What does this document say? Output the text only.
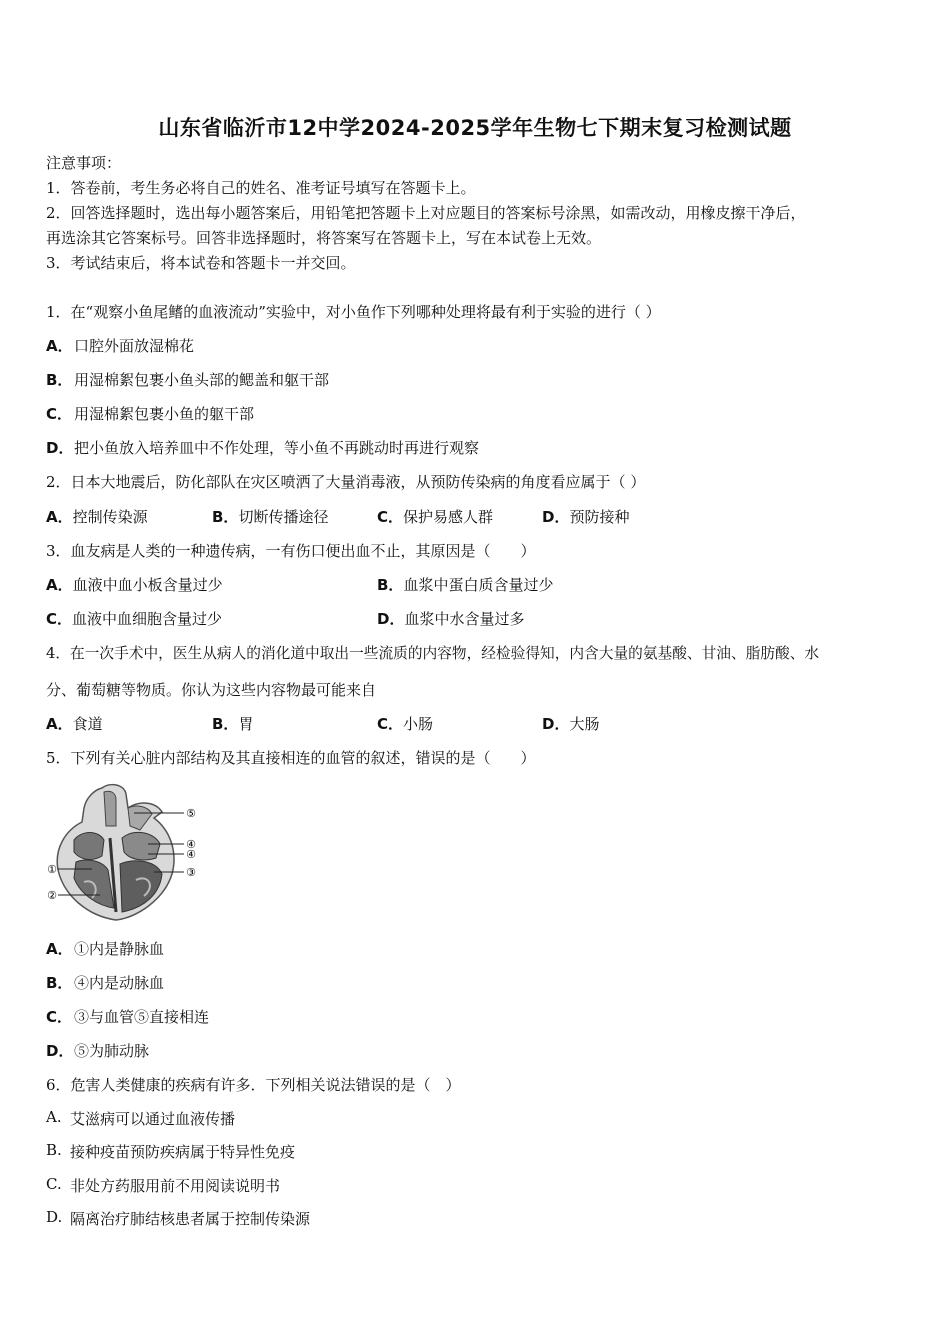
山东省临沂市12中学2024-2025学年生物七下期末复习检测试题
注意事项：
1．答卷前，考生务必将自己的姓名、准考证号填写在答题卡上。
2．回答选择题时，选出每小题答案后，用铅笔把答题卡上对应题目的答案标号涂黑，如需改动，用橡皮擦干净后，
再选涂其它答案标号。回答非选择题时，将答案写在答题卡上，写在本试卷上无效。
3．考试结束后，将本试卷和答题卡一并交回。
1．在“观察小鱼尾鳍的血液流动”实验中，对小鱼作下列哪种处理将最有利于实验的进行（ ）
A． 口腔外面放湿棉花
B． 用湿棉絮包裹小鱼头部的鳃盖和躯干部
C． 用湿棉絮包裹小鱼的躯干部
D． 把小鱼放入培养皿中不作处理，等小鱼不再跳动时再进行观察
2．日本大地震后，防化部队在灾区喷洒了大量消毒液，从预防传染病的角度看应属于（ ）
A．控制传染源	B．切断传播途径	C．保护易感人群	D．预防接种
3．血友病是人类的一种遗传病，一有伤口便出血不止，其原因是（　　）
A．血液中血小板含量过少	B．血浆中蛋白质含量过少
C．血液中血细胞含量过少	D．血浆中水含量过多
4．在一次手术中，医生从病人的消化道中取出一些流质的内容物，经检验得知，内含大量的氨基酸、甘油、脂肪酸、水
分、葡萄糖等物质。你认为这些内容物最可能来自
A．食道	B．胃	C．小肠	D．大肠
5．下列有关心脏内部结构及其直接相连的血管的叙述，错误的是（　　）
⑤
④
④
③
①
②
A． ①内是静脉血
B． ④内是动脉血
C． ③与血管⑤直接相连
D． ⑤为肺动脉
6．危害人类健康的疾病有许多．下列相关说法错误的是（　）
A. 艾滋病可以通过血液传播
B. 接种疫苗预防疾病属于特异性免疫
C. 非处方药服用前不用阅读说明书
D. 隔离治疗肺结核患者属于控制传染源
